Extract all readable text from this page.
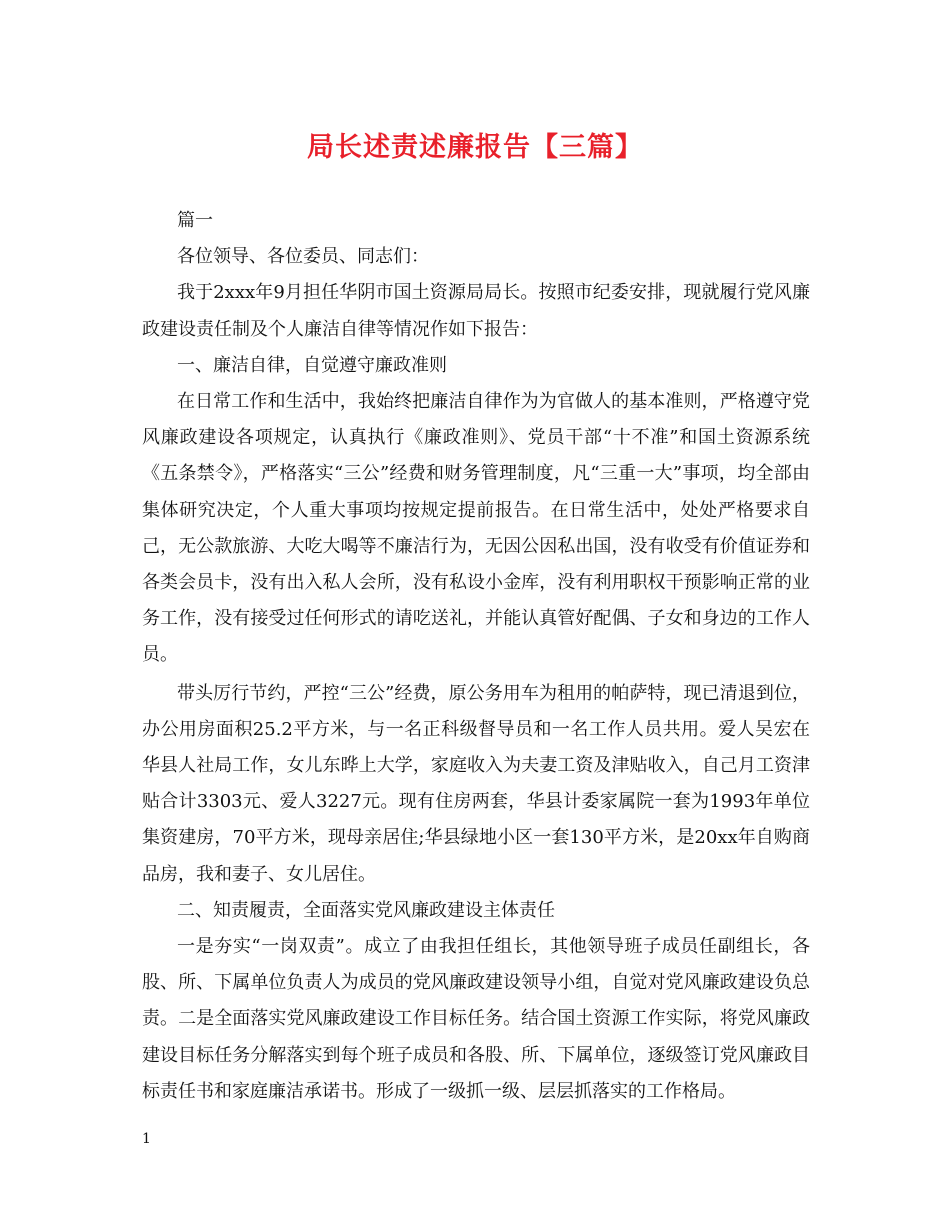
局长述责述廉报告【三篇】

篇一

各位领导、各位委员、同志们：

我于2xxx年9月担任华阴市国土资源局局长。按照市纪委安排，现就履行党风廉政建设责任制及个人廉洁自律等情况作如下报告：

一、廉洁自律，自觉遵守廉政准则

在日常工作和生活中，我始终把廉洁自律作为为官做人的基本准则，严格遵守党风廉政建设各项规定，认真执行《廉政准则》、党员干部“十不准”和国土资源系统《五条禁令》，严格落实“三公”经费和财务管理制度，凡“三重一大”事项，均全部由集体研究决定，个人重大事项均按规定提前报告。在日常生活中，处处严格要求自己，无公款旅游、大吃大喝等不廉洁行为，无因公因私出国，没有收受有价值证券和各类会员卡，没有出入私人会所，没有私设小金库，没有利用职权干预影响正常的业务工作，没有接受过任何形式的请吃送礼，并能认真管好配偶、子女和身边的工作人员。

带头厉行节约，严控“三公”经费，原公务用车为租用的帕萨特，现已清退到位，办公用房面积25.2平方米，与一名正科级督导员和一名工作人员共用。爱人吴宏在华县人社局工作，女儿东晔上大学，家庭收入为夫妻工资及津贴收入，自己月工资津贴合计3303元、爱人3227元。现有住房两套，华县计委家属院一套为1993年单位集资建房，70平方米，现母亲居住;华县绿地小区一套130平方米，是20xx年自购商品房，我和妻子、女儿居住。

二、知责履责，全面落实党风廉政建设主体责任

一是夯实“一岗双责”。成立了由我担任组长，其他领导班子成员任副组长，各股、所、下属单位负责人为成员的党风廉政建设领导小组，自觉对党风廉政建设负总责。二是全面落实党风廉政建设工作目标任务。结合国土资源工作实际，将党风廉政建设目标任务分解落实到每个班子成员和各股、所、下属单位，逐级签订党风廉政目标责任书和家庭廉洁承诺书。形成了一级抓一级、层层抓落实的工作格局。

1
